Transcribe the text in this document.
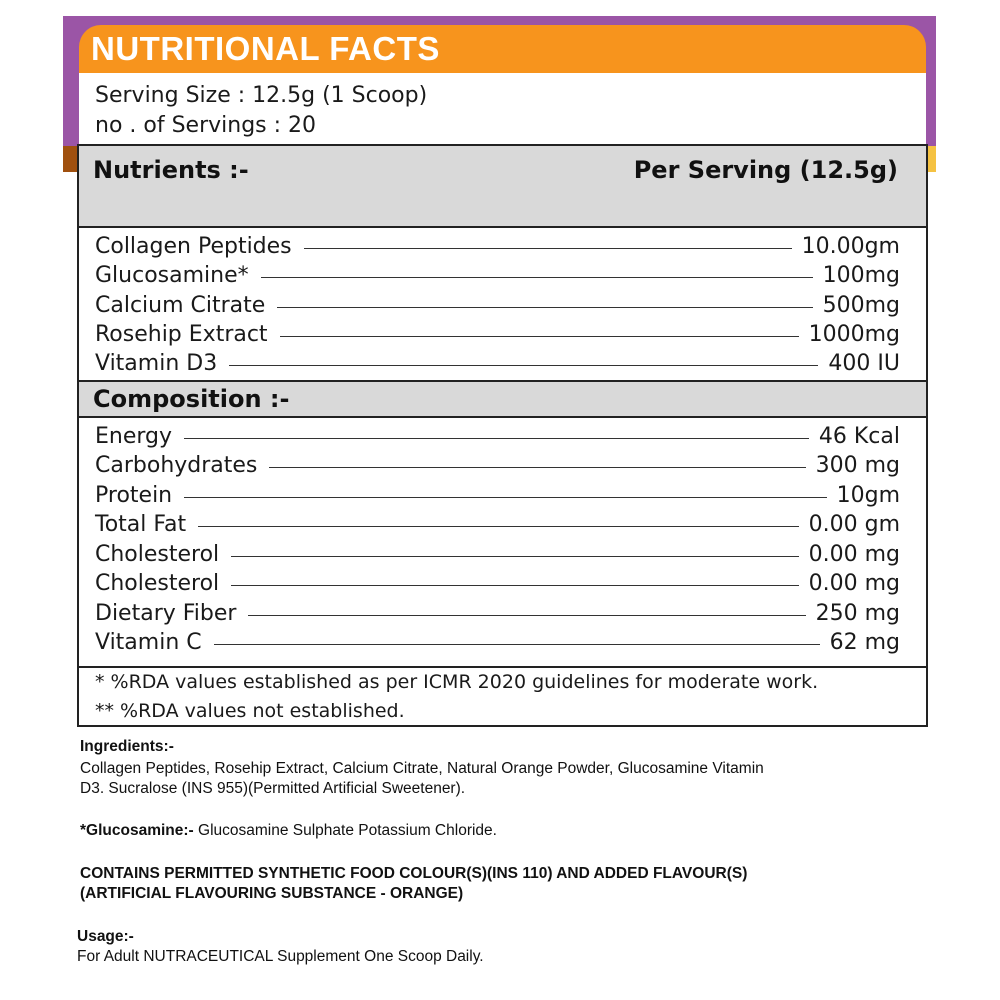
NUTRITIONAL FACTS
Serving Size : 12.5g (1 Scoop)
no . of Servings : 20
Nutrients :-	Per Serving (12.5g)
Collagen Peptides	10.00gm
Glucosamine*	100mg
Calcium Citrate	500mg
Rosehip Extract	1000mg
Vitamin D3	400 IU
Composition :-
Energy	46 Kcal
Carbohydrates	300 mg
Protein	10gm
Total Fat	0.00 gm
Cholesterol	0.00 mg
Cholesterol	0.00 mg
Dietary Fiber	250 mg
Vitamin C	62 mg
* %RDA values established as per ICMR 2020 guidelines for moderate work.
** %RDA values not established.
Ingredients:-
Collagen Peptides, Rosehip Extract, Calcium Citrate, Natural Orange Powder, Glucosamine Vitamin
D3. Sucralose (INS 955)(Permitted Artificial Sweetener).
*Glucosamine:- Glucosamine Sulphate Potassium Chloride.
CONTAINS PERMITTED SYNTHETIC FOOD COLOUR(S)(INS 110) AND ADDED FLAVOUR(S)
(ARTIFICIAL FLAVOURING SUBSTANCE - ORANGE)
Usage:-
For Adult NUTRACEUTICAL Supplement One Scoop Daily.
